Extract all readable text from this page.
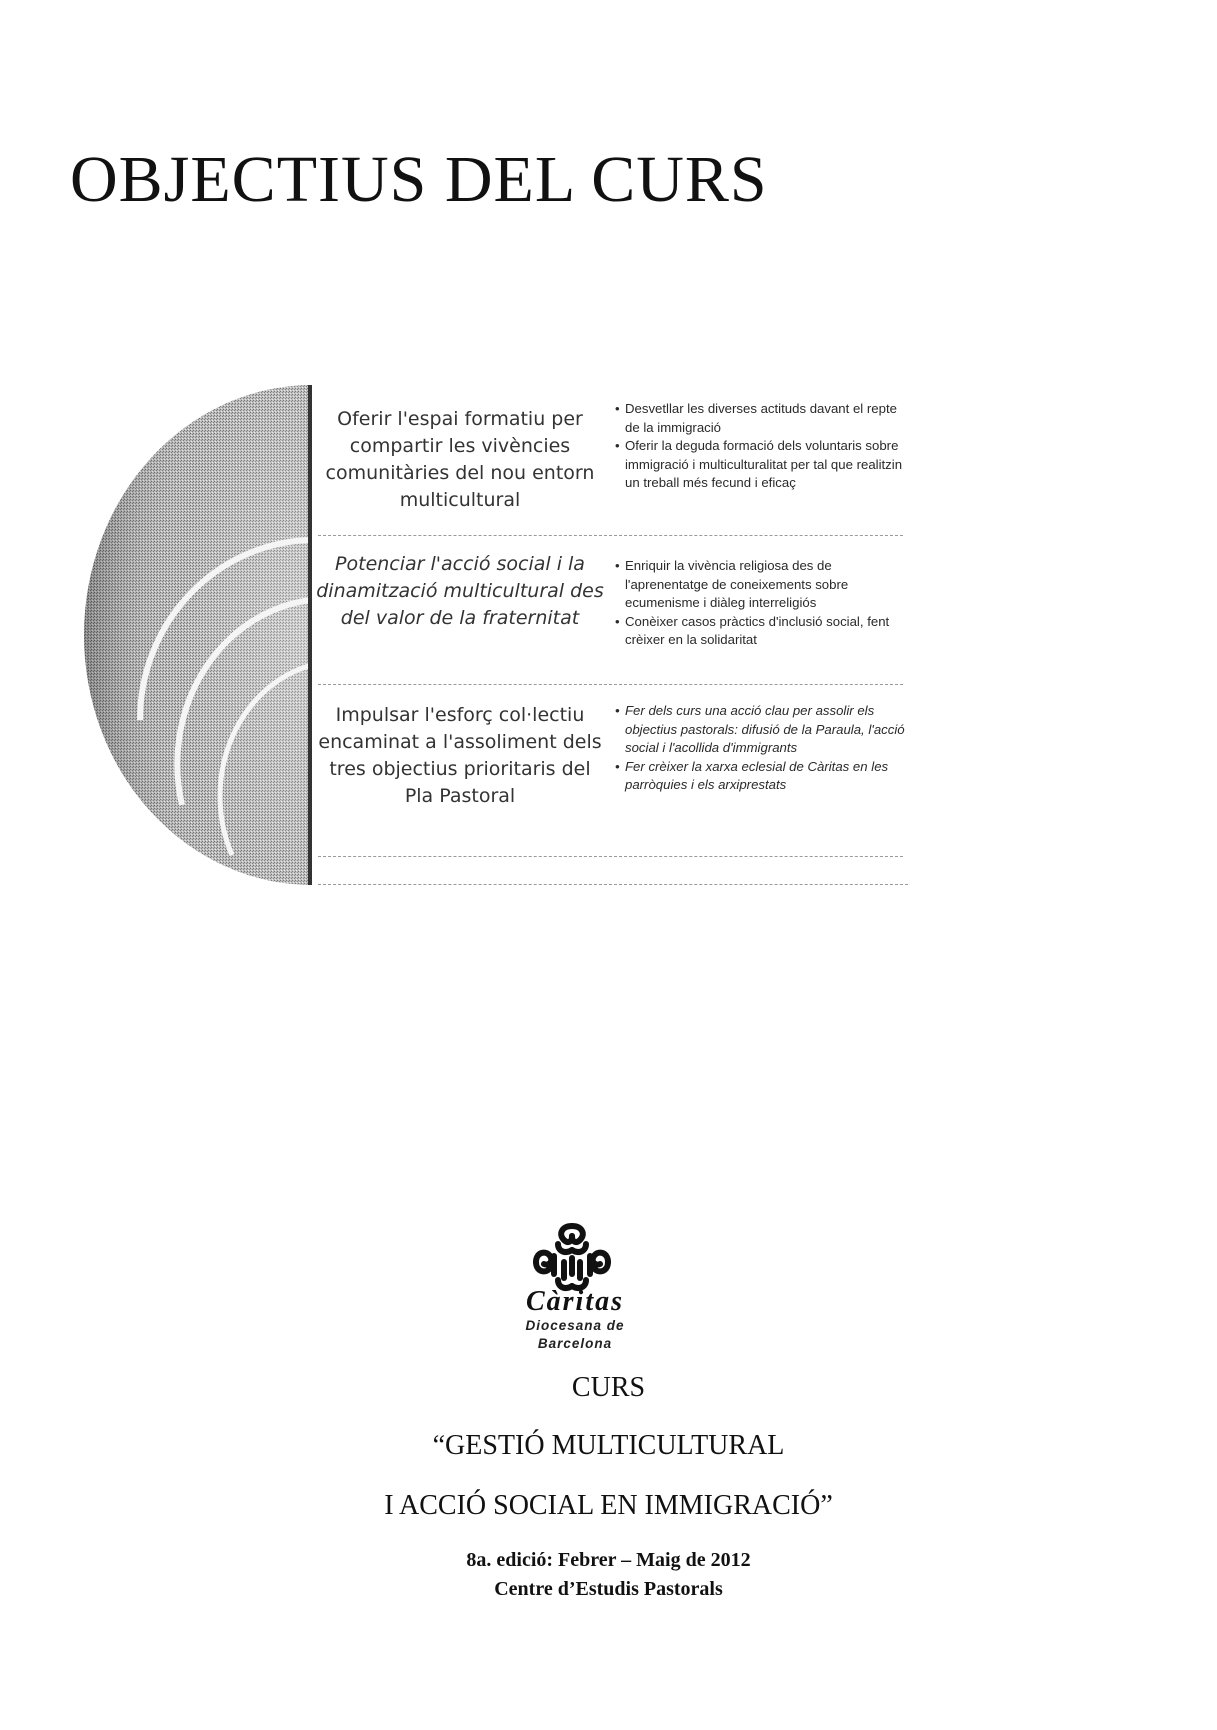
OBJECTIUS DEL CURS
Oferir l'espai formatiu per compartir les vivències comunitàries del nou entorn multicultural
• Desvetllar les diverses actituds davant el repte de la immigració
• Oferir la deguda formació dels voluntaris sobre immigració i multiculturalitat per tal que realitzin un treball més fecund i eficaç
Potenciar l'acció social i la dinamització multicultural des del valor de la fraternitat
• Enriquir la vivència religiosa des de l'aprenentatge de coneixements sobre ecumenisme i diàleg interreligiós
• Conèixer casos pràctics d'inclusió social, fent crèixer en la solidaritat
Impulsar l'esforç col·lectiu encaminat a l'assoliment dels tres objectius prioritaris del Pla Pastoral
• Fer dels curs una acció clau per assolir els objectius pastorals: difusió de la Paraula, l'acció social i l'acollida d'immigrants
• Fer crèixer la xarxa eclesial de Càritas en les parròquies i els arxiprestats
Càritas
Diocesana de
Barcelona
CURS
“GESTIÓ MULTICULTURAL
I ACCIÓ SOCIAL EN IMMIGRACIÓ”
8a. edició: Febrer – Maig de 2012
Centre d’Estudis Pastorals
